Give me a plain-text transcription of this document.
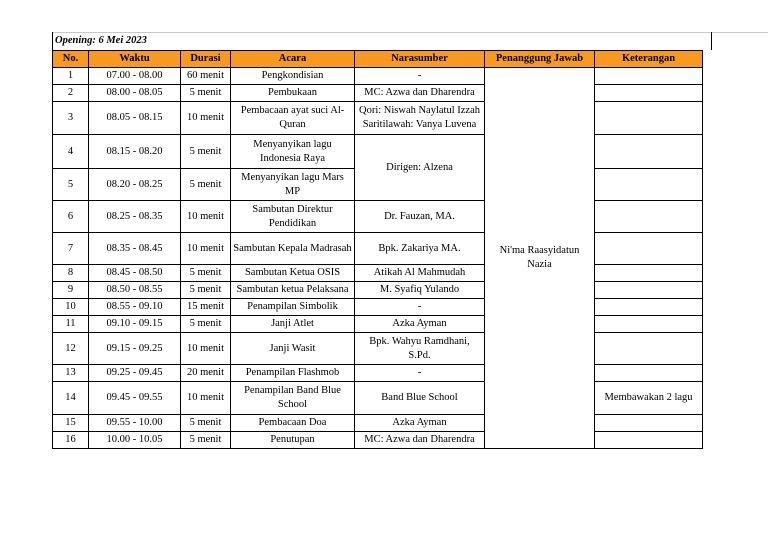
Opening: 6 Mei 2023
No.	Waktu	Durasi	Acara	Narasumber	Penanggung Jawab	Keterangan
1	07.00 - 08.00	60 menit	Pengkondisian	-	Ni'ma Raasyidatun Nazia	
2	08.00 - 08.05	5 menit	Pembukaan	MC: Azwa dan Dharendra		
3	08.05 - 08.15	10 menit	Pembacaan ayat suci Al-Quran	Qori: Niswah Naylatul Izzah Saritilawah: Vanya Luvena		
4	08.15 - 08.20	5 menit	Menyanyikan lagu Indonesia Raya	Dirigen: Alzena		
5	08.20 - 08.25	5 menit	Menyanyikan lagu Mars MP			
6	08.25 - 08.35	10 menit	Sambutan Direktur Pendidikan	Dr. Fauzan, MA.		
7	08.35 - 08.45	10 menit	Sambutan Kepala Madrasah	Bpk. Zakariya MA.		
8	08.45 - 08.50	5 menit	Sambutan Ketua OSIS	Atikah Al Mahmudah		
9	08.50 - 08.55	5 menit	Sambutan ketua Pelaksana	M. Syafiq Yulando		
10	08.55 - 09.10	15 menit	Penampilan Simbolik	-		
11	09.10 - 09.15	5 menit	Janji Atlet	Azka Ayman		
12	09.15 - 09.25	10 menit	Janji Wasit	Bpk. Wahyu Ramdhani, S.Pd.		
13	09.25 - 09.45	20 menit	Penampilan Flashmob	-		
14	09.45 - 09.55	10 menit	Penampilan Band Blue School	Band Blue School		Membawakan 2 lagu
15	09.55 - 10.00	5 menit	Pembacaan Doa	Azka Ayman		
16	10.00 - 10.05	5 menit	Penutupan	MC: Azwa dan Dharendra		
